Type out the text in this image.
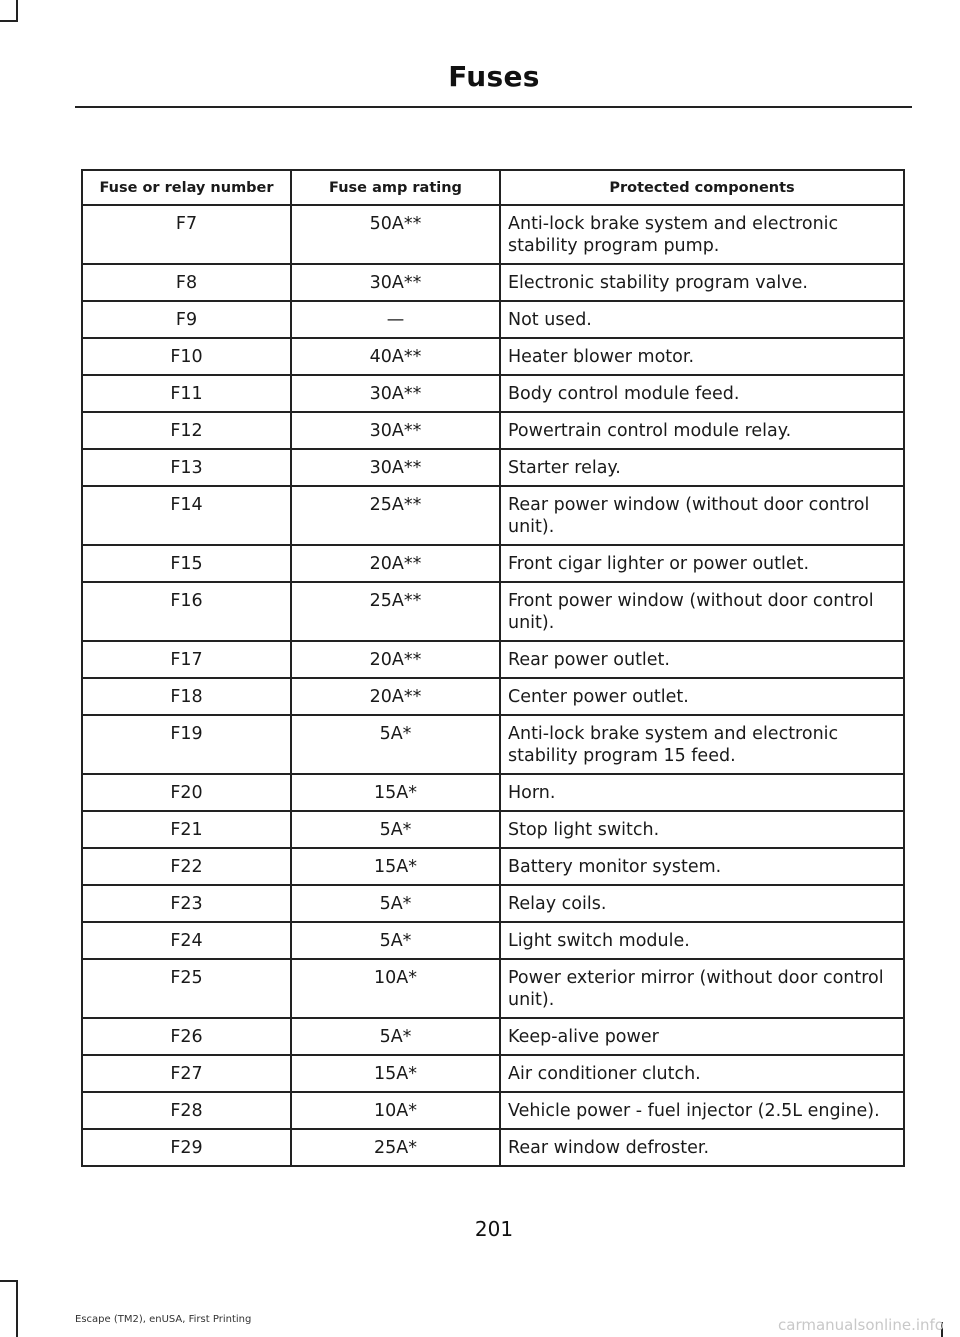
Fuses
Fuse or relay number	Fuse amp rating	Protected components
F7	50A**	Anti-lock brake system and electronic stability program pump.
F8	30A**	Electronic stability program valve.
F9	—	Not used.
F10	40A**	Heater blower motor.
F11	30A**	Body control module feed.
F12	30A**	Powertrain control module relay.
F13	30A**	Starter relay.
F14	25A**	Rear power window (without door control unit).
F15	20A**	Front cigar lighter or power outlet.
F16	25A**	Front power window (without door control unit).
F17	20A**	Rear power outlet.
F18	20A**	Center power outlet.
F19	5A*	Anti-lock brake system and electronic stability program 15 feed.
F20	15A*	Horn.
F21	5A*	Stop light switch.
F22	15A*	Battery monitor system.
F23	5A*	Relay coils.
F24	5A*	Light switch module.
F25	10A*	Power exterior mirror (without door control unit).
F26	5A*	Keep-alive power
F27	15A*	Air conditioner clutch.
F28	10A*	Vehicle power - fuel injector (2.5L engine).
F29	25A*	Rear window defroster.
201
Escape (TM2), enUSA, First Printing	carmanualsonline.info
